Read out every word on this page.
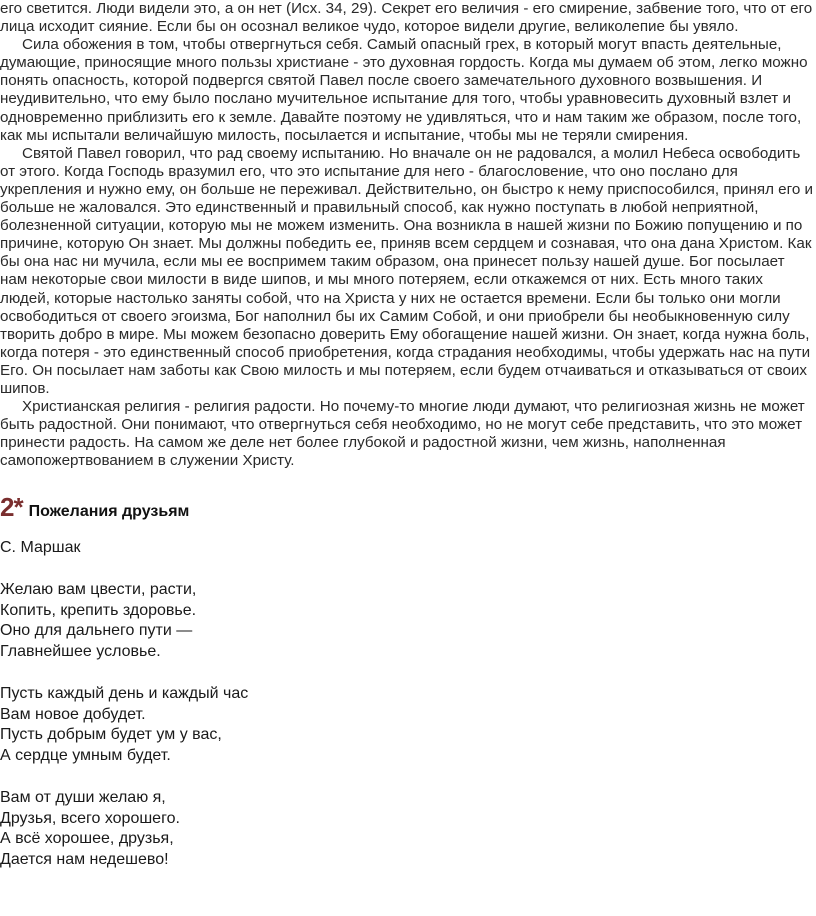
его светится. Люди видели это, а он нет (Исх. 34, 29). Секрет его величия - его смирение, забвение того, что от его лица исходит сияние. Если бы он осознал великое чудо, которое видели другие, великолепие бы увяло.
Сила обожения в том, чтобы отвергнуться себя. Самый опасный грех, в который могут впасть деятельные, думающие, приносящие много пользы христиане - это духовная гордость. Когда мы думаем об этом, легко можно понять опасность, которой подвергся святой Павел после своего замечательного духовного возвышения. И неудивительно, что ему было послано мучительное испытание для того, чтобы уравновесить духовный взлет и одновременно приблизить его к земле. Давайте поэтому не удивляться, что и нам таким же образом, после того, как мы испытали величайшую милость, посылается и испытание, чтобы мы не теряли смирения.
Святой Павел говорил, что рад своему испытанию. Но вначале он не радовался, а молил Небеса освободить от этого. Когда Господь вразумил его, что это испытание для него - благословение, что оно послано для укрепления и нужно ему, он больше не переживал. Действительно, он быстро к нему приспособился, принял его и больше не жаловался. Это единственный и правильный способ, как нужно поступать в любой неприятной, болезненной ситуации, которую мы не можем изменить. Она возникла в нашей жизни по Божию попущению и по причине, которую Он знает. Мы должны победить ее, приняв всем сердцем и сознавая, что она дана Христом. Как бы она нас ни мучила, если мы ее воспримем таким образом, она принесет пользу нашей душе. Бог посылает нам некоторые свои милости в виде шипов, и мы много потеряем, если откажемся от них. Есть много таких людей, которые настолько заняты собой, что на Христа у них не остается времени. Если бы только они могли освободиться от своего эгоизма, Бог наполнил бы их Самим Собой, и они приобрели бы необыкновенную силу творить добро в мире. Мы можем безопасно доверить Ему обогащение нашей жизни. Он знает, когда нужна боль, когда потеря - это единственный способ приобретения, когда страдания необходимы, чтобы удержать нас на пути Его. Он посылает нам заботы как Свою милость и мы потеряем, если будем отчаиваться и отказываться от своих шипов.
Христианская религия - религия радости. Но почему-то многие люди думают, что религиозная жизнь не может быть радостной. Они понимают, что отвергнуться себя необходимо, но не могут себе представить, что это может принести радость. На самом же деле нет более глубокой и радостной жизни, чем жизнь, наполненная самопожертвованием в служении Христу.
2* Пожелания друзьям
С. Маршак
Желаю вам цвести, расти,
Копить, крепить здоровье.
Оно для дальнего пути —
Главнейшее условье.
Пусть каждый день и каждый час
Вам новое добудет.
Пусть добрым будет ум у вас,
А сердце умным будет.
Вам от души желаю я,
Друзья, всего хорошего.
А всё хорошее, друзья,
Дается нам недешево!
